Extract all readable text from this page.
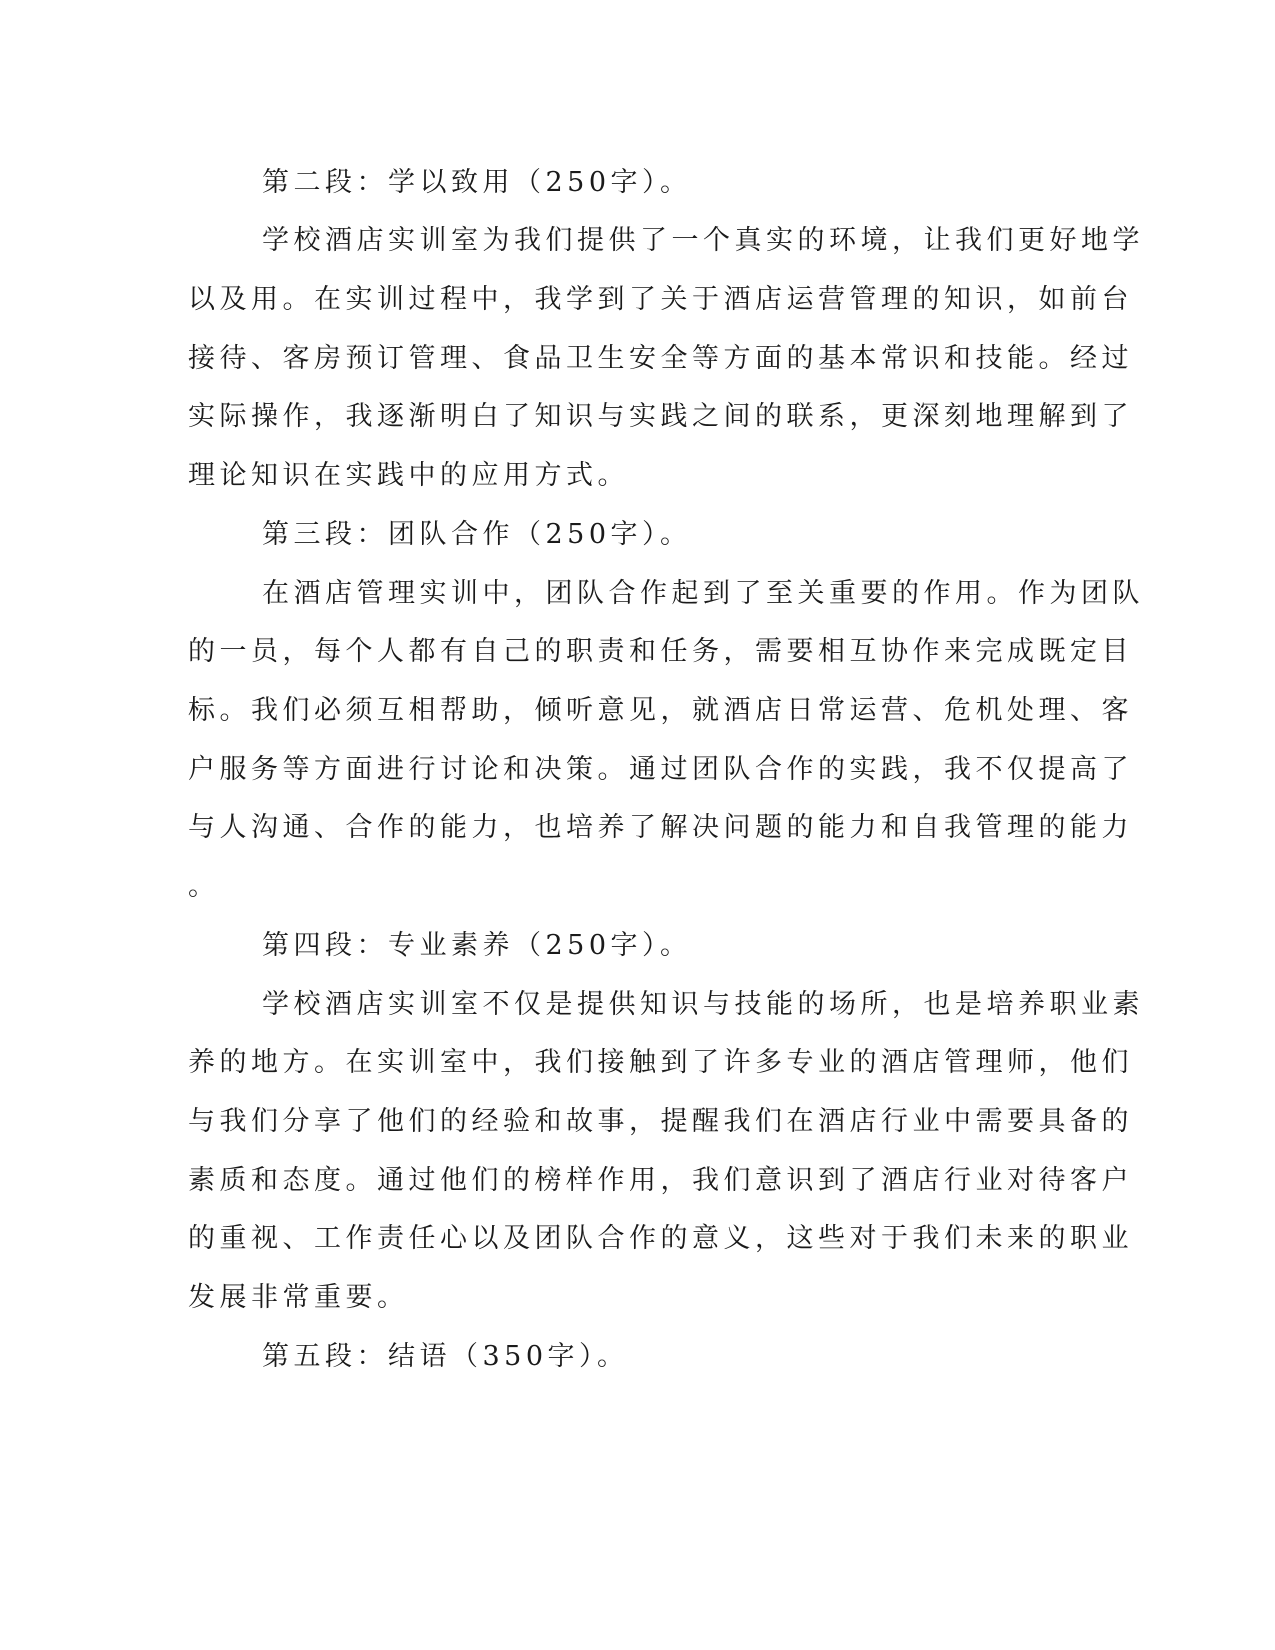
第二段：学以致用（250字）。
学校酒店实训室为我们提供了一个真实的环境，让我们更好地学
以及用。在实训过程中，我学到了关于酒店运营管理的知识，如前台
接待、客房预订管理、食品卫生安全等方面的基本常识和技能。经过
实际操作，我逐渐明白了知识与实践之间的联系，更深刻地理解到了
理论知识在实践中的应用方式。
第三段：团队合作（250字）。
在酒店管理实训中，团队合作起到了至关重要的作用。作为团队
的一员，每个人都有自己的职责和任务，需要相互协作来完成既定目
标。我们必须互相帮助，倾听意见，就酒店日常运营、危机处理、客
户服务等方面进行讨论和决策。通过团队合作的实践，我不仅提高了
与人沟通、合作的能力，也培养了解决问题的能力和自我管理的能力
。
第四段：专业素养（250字）。
学校酒店实训室不仅是提供知识与技能的场所，也是培养职业素
养的地方。在实训室中，我们接触到了许多专业的酒店管理师，他们
与我们分享了他们的经验和故事，提醒我们在酒店行业中需要具备的
素质和态度。通过他们的榜样作用，我们意识到了酒店行业对待客户
的重视、工作责任心以及团队合作的意义，这些对于我们未来的职业
发展非常重要。
第五段：结语（350字）。
